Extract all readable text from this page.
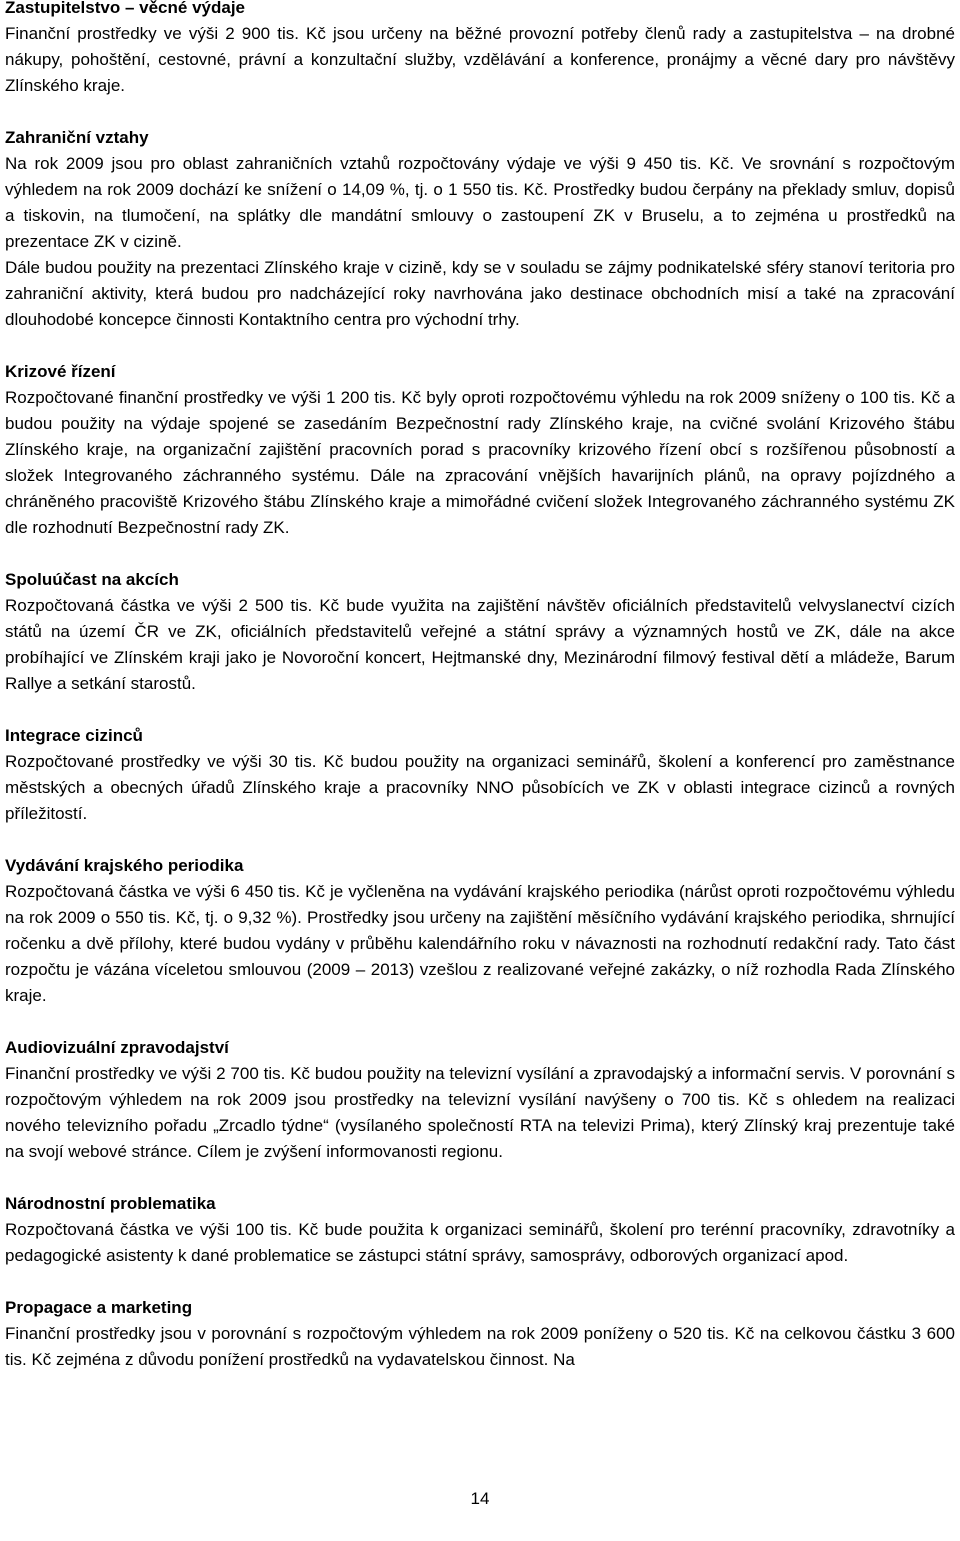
Zastupitelstvo – věcné výdaje
Finanční prostředky ve výši 2 900 tis. Kč jsou určeny na běžné provozní potřeby členů rady a zastupitelstva – na drobné nákupy, pohoštění, cestovné, právní a konzultační služby, vzdělávání a konference, pronájmy a věcné dary pro návštěvy Zlínského kraje.
Zahraniční vztahy
Na rok 2009 jsou pro oblast zahraničních vztahů rozpočtovány výdaje ve výši 9 450 tis. Kč. Ve srovnání s rozpočtovým výhledem na rok 2009 dochází ke snížení o 14,09 %, tj. o 1 550 tis. Kč. Prostředky budou čerpány na překlady smluv, dopisů a tiskovin, na tlumočení, na splátky dle mandátní smlouvy o zastoupení ZK v Bruselu, a to zejména u prostředků na prezentace ZK v cizině.
Dále budou použity na prezentaci Zlínského kraje v cizině, kdy se v souladu se zájmy podnikatelské sféry stanoví teritoria pro zahraniční aktivity, která budou pro nadcházející roky navrhována jako destinace obchodních misí a také na zpracování dlouhodobé koncepce činnosti Kontaktního centra pro východní trhy.
Krizové řízení
Rozpočtované finanční prostředky ve výši 1 200 tis. Kč byly oproti rozpočtovému výhledu na rok 2009 sníženy o 100 tis. Kč a budou použity na výdaje spojené se zasedáním Bezpečnostní rady Zlínského kraje, na cvičné svolání Krizového štábu Zlínského kraje, na organizační zajištění pracovních porad s pracovníky krizového řízení obcí s rozšířenou působností a složek Integrovaného záchranného systému. Dále na zpracování vnějších havarijních plánů, na opravy pojízdného a chráněného pracoviště Krizového štábu Zlínského kraje a mimořádné cvičení složek Integrovaného záchranného systému ZK dle rozhodnutí Bezpečnostní rady ZK.
Spoluúčast na akcích
Rozpočtovaná částka ve výši 2 500 tis. Kč bude využita na zajištění návštěv oficiálních představitelů velvyslanectví cizích států na území ČR ve ZK, oficiálních představitelů veřejné a státní správy a významných hostů ve ZK, dále na akce probíhající ve Zlínském kraji jako je Novoroční koncert, Hejtmanské dny, Mezinárodní filmový festival dětí a mládeže, Barum Rallye a setkání starostů.
Integrace cizinců
Rozpočtované prostředky ve výši 30 tis. Kč budou použity na organizaci seminářů, školení a konferencí pro zaměstnance městských a obecných úřadů Zlínského kraje a pracovníky NNO působících ve ZK v oblasti integrace cizinců a rovných příležitostí.
Vydávání krajského periodika
Rozpočtovaná částka ve výši 6 450 tis. Kč je vyčleněna na vydávání krajského periodika (nárůst oproti rozpočtovému výhledu na rok 2009 o 550 tis. Kč, tj. o 9,32 %). Prostředky jsou určeny na zajištění měsíčního vydávání krajského periodika, shrnující ročenku a dvě přílohy, které budou vydány v průběhu kalendářního roku v návaznosti na rozhodnutí redakční rady. Tato část rozpočtu je vázána víceletou smlouvou (2009 – 2013) vzešlou z realizované veřejné zakázky, o níž rozhodla Rada Zlínského kraje.
Audiovizuální zpravodajství
Finanční prostředky ve výši 2 700 tis. Kč budou použity na televizní vysílání a zpravodajský a informační servis. V porovnání s rozpočtovým výhledem na rok 2009 jsou prostředky na televizní vysílání navýšeny o 700 tis. Kč s ohledem na realizaci nového televizního pořadu „Zrcadlo týdne“ (vysílaného společností RTA na televizi Prima), který Zlínský kraj prezentuje také na svojí webové stránce. Cílem je zvýšení informovanosti regionu.
Národnostní problematika
Rozpočtovaná částka ve výši 100 tis. Kč bude použita k organizaci seminářů, školení pro terénní pracovníky, zdravotníky a pedagogické asistenty k dané problematice se zástupci státní správy, samosprávy, odborových organizací apod.
Propagace a marketing
Finanční prostředky jsou v porovnání s rozpočtovým výhledem na rok 2009 poníženy o 520 tis. Kč na celkovou částku 3 600 tis. Kč zejména z důvodu ponížení prostředků na vydavatelskou činnost. Na
14
